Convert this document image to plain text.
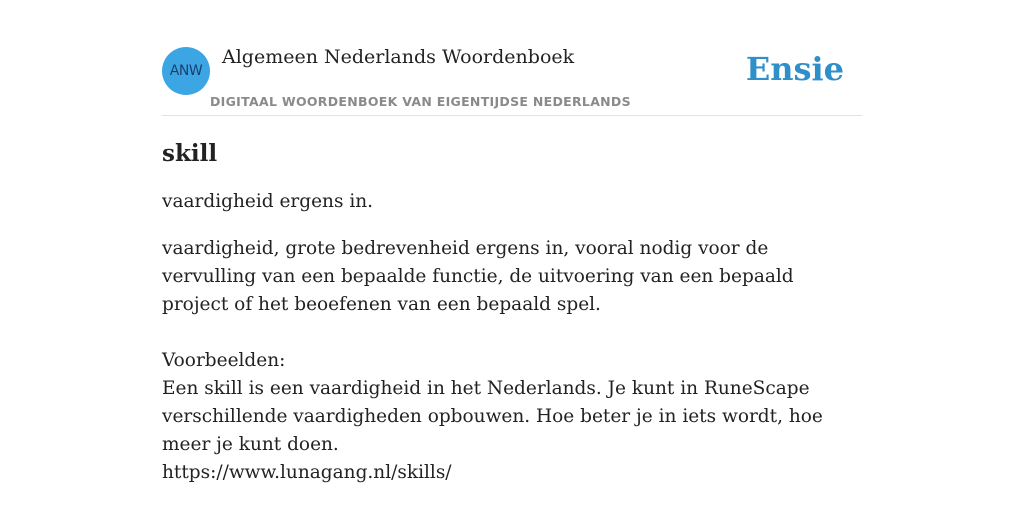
ANW
Algemeen Nederlands Woordenboek
DIGITAAL WOORDENBOEK VAN EIGENTIJDSE NEDERLANDS
Ensie
skill

vaardigheid ergens in.

vaardigheid, grote bedrevenheid ergens in, vooral nodig voor de vervulling van een bepaalde functie, de uitvoering van een bepaald project of het beoefenen van een bepaald spel.

Voorbeelden:

Een skill is een vaardigheid in het Nederlands. Je kunt in RuneScape verschillende vaardigheden opbouwen. Hoe beter je in iets wordt, hoe meer je kunt doen.

https://www.lunagang.nl/skills/
